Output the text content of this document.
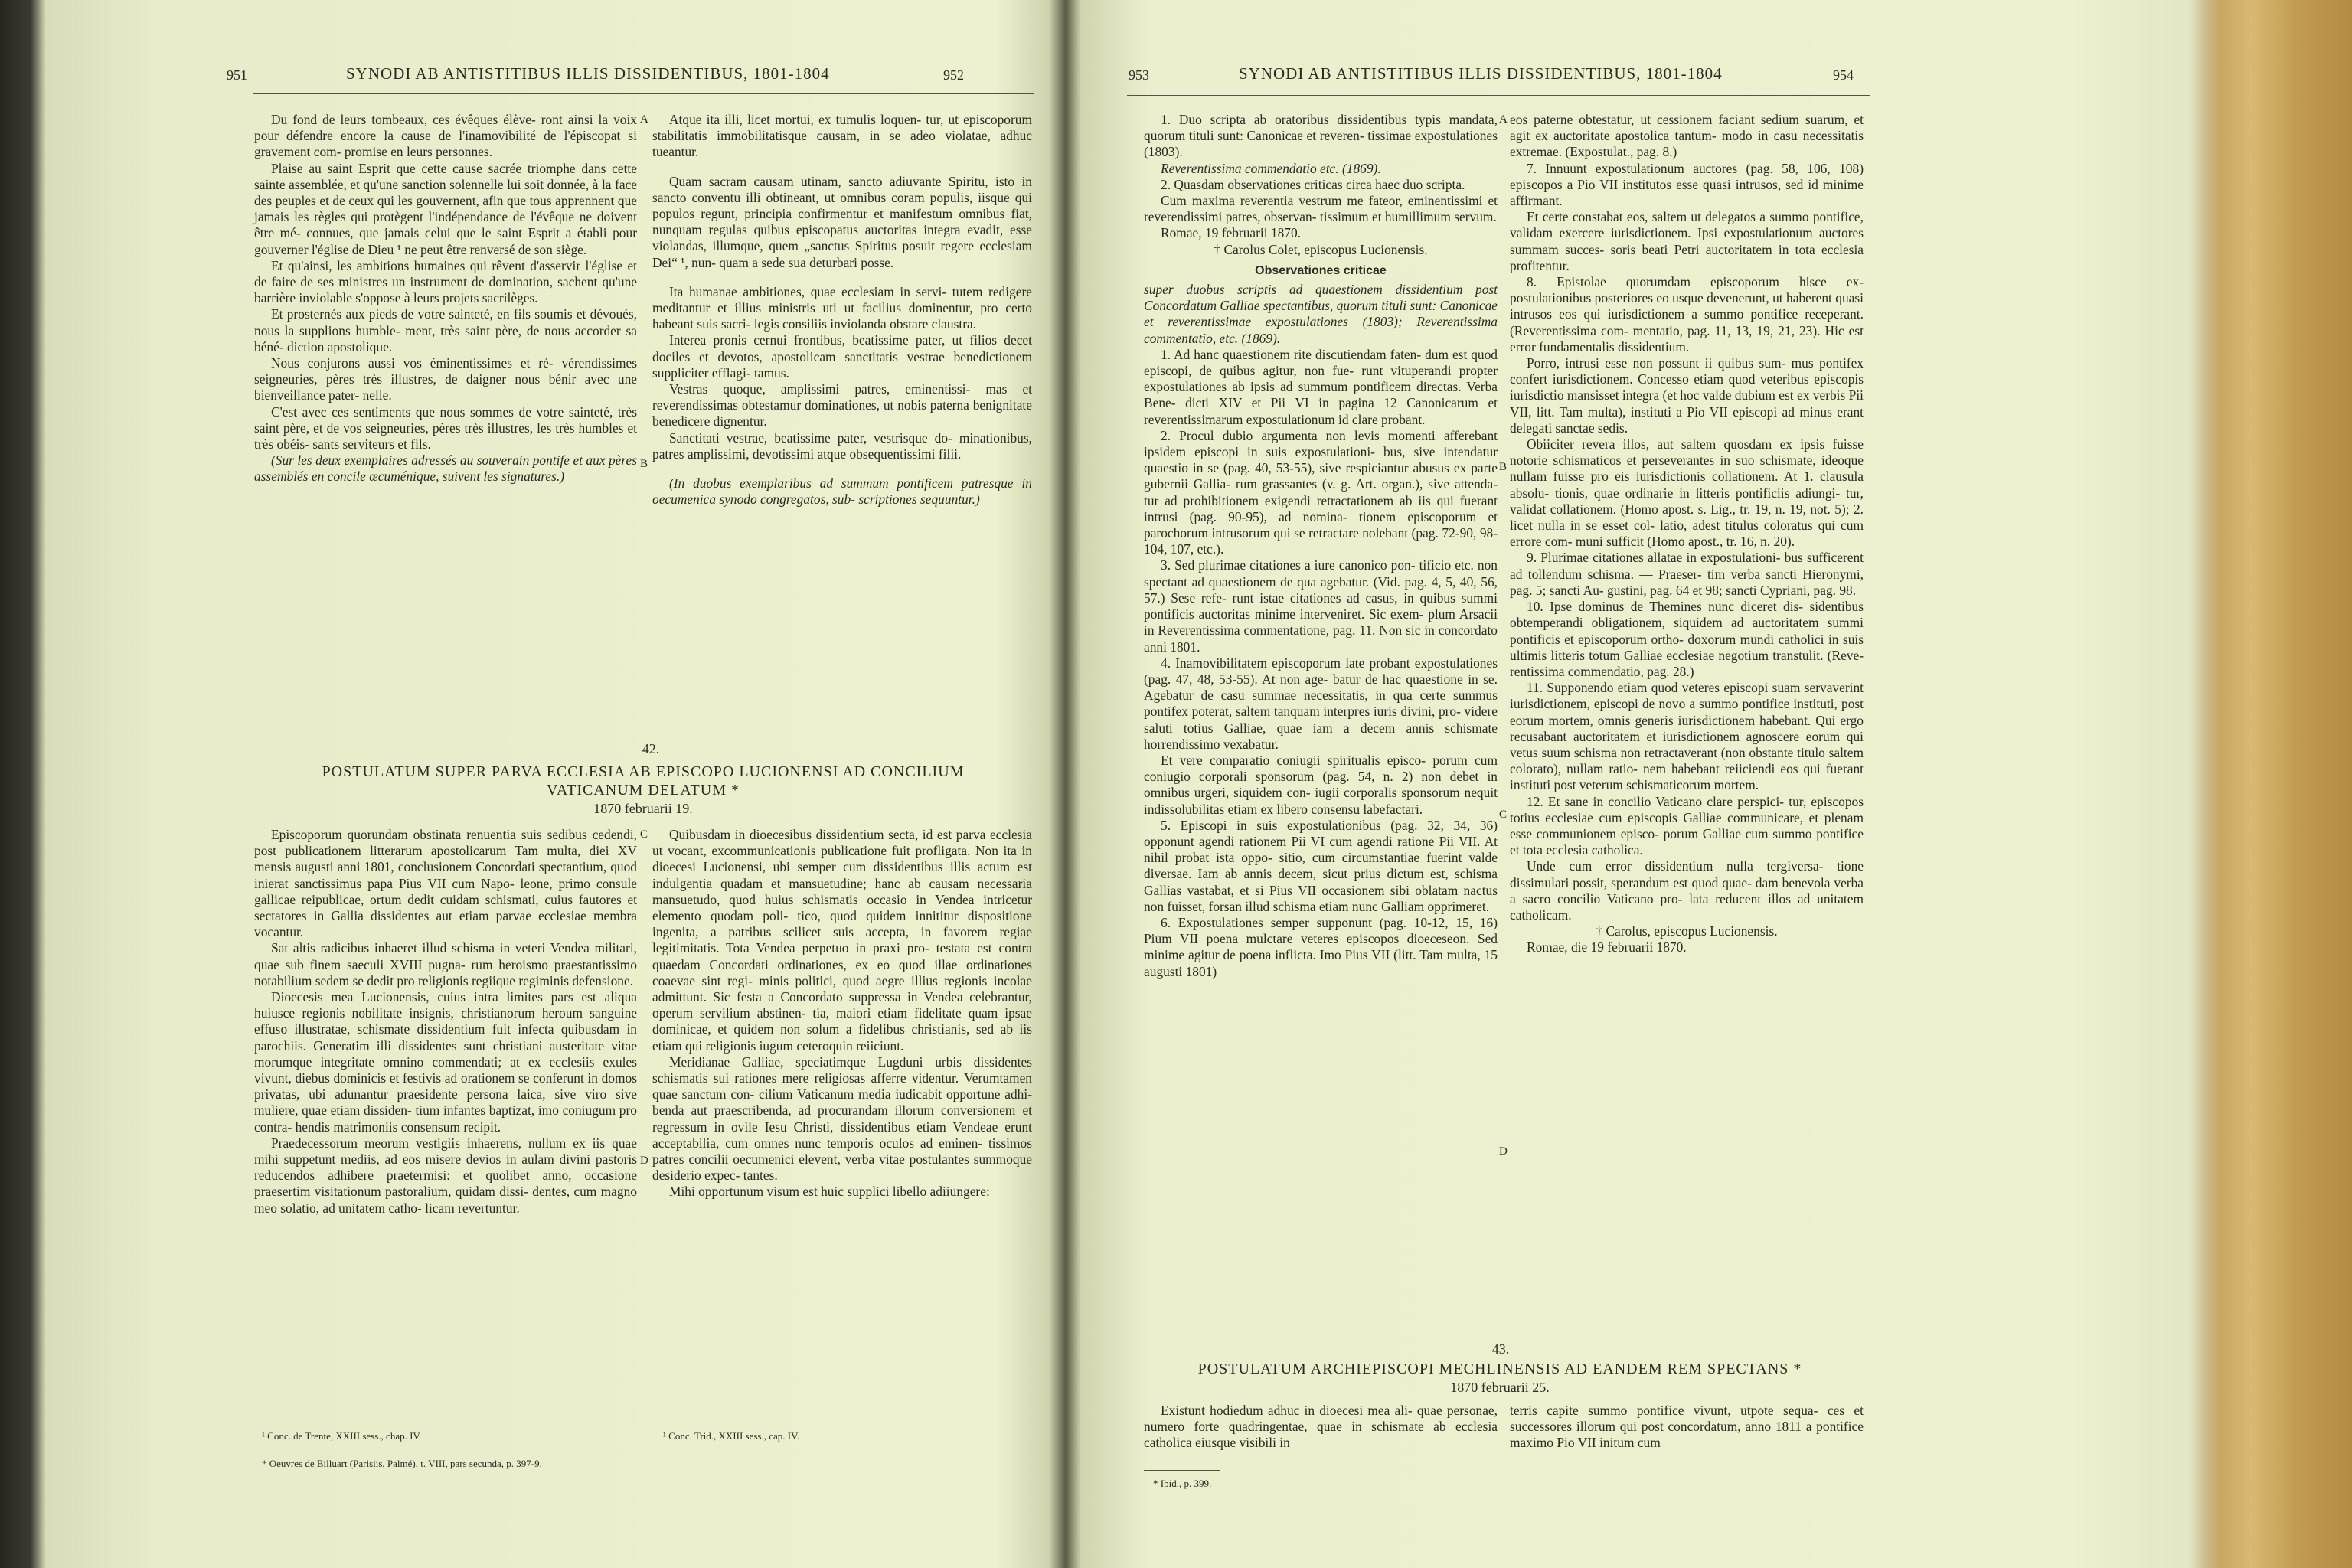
951	SYNODI AB ANTISTITIBUS ILLIS DISSIDENTIBUS, 1801-1804	952

Du fond de leurs tombeaux, ces évêques élève- ront ainsi la voix pour défendre encore la cause de l'inamovibilité de l'épiscopat si gravement com- promise en leurs personnes.

Plaise au saint Esprit que cette cause sacrée triomphe dans cette sainte assemblée, et qu'une sanction solennelle lui soit donnée, à la face des peuples et de ceux qui les gouvernent, afin que tous apprennent que jamais les règles qui protègent l'indépendance de l'évêque ne doivent être mé- connues, que jamais celui que le saint Esprit a établi pour gouverner l'église de Dieu ¹ ne peut être renversé de son siège.

Et qu'ainsi, les ambitions humaines qui rêvent d'asservir l'église et de faire de ses ministres un instrument de domination, sachent qu'une barrière inviolable s'oppose à leurs projets sacrilèges.

Et prosternés aux pieds de votre sainteté, en fils soumis et dévoués, nous la supplions humble- ment, très saint père, de nous accorder sa béné- diction apostolique.

Nous conjurons aussi vos éminentissimes et ré- vérendissimes seigneuries, pères très illustres, de daigner nous bénir avec une bienveillance pater- nelle.

C'est avec ces sentiments que nous sommes de votre sainteté, très saint père, et de vos seigneuries, pères très illustres, les très humbles et très obéis- sants serviteurs et fils.

(Sur les deux exemplaires adressés au souverain pontife et aux pères assemblés en concile œcuménique, suivent les signatures.)

Atque ita illi, licet mortui, ex tumulis loquen- tur, ut episcoporum stabilitatis immobilitatisque causam, in se adeo violatae, adhuc tueantur.

Quam sacram causam utinam, sancto adiuvante Spiritu, isto in sancto conventu illi obtineant, ut omnibus coram populis, iisque qui populos regunt, principia confirmentur et manifestum omnibus fiat, nunquam regulas quibus episcopatus auctoritas integra evadit, esse violandas, illumque, quem „sanctus Spiritus posuit regere ecclesiam Dei“ ¹, nun- quam a sede sua deturbari posse.

Ita humanae ambitiones, quae ecclesiam in servi- tutem redigere meditantur et illius ministris uti ut facilius dominentur, pro certo habeant suis sacri- legis consiliis inviolanda obstare claustra.

Interea pronis cernui frontibus, beatissime pater, ut filios decet dociles et devotos, apostolicam sanctitatis vestrae benedictionem suppliciter efflagi- tamus.

Vestras quoque, amplissimi patres, eminentissi- mas et reverendissimas obtestamur dominationes, ut nobis paterna benignitate benedicere dignentur.

Sanctitati vestrae, beatissime pater, vestrisque do- minationibus, patres amplissimi, devotissimi atque obsequentissimi filii.

(In duobus exemplaribus ad summum pontificem patresque in oecumenica synodo congregatos, sub- scriptiones sequuntur.)

42.
POSTULATUM SUPER PARVA ECCLESIA AB EPISCOPO LUCIONENSI AD CONCILIUM
VATICANUM DELATUM *
1870 februarii 19.

Episcoporum quorundam obstinata renuentia suis sedibus cedendi, post publicationem litterarum apostolicarum Tam multa, diei XV mensis augusti anni 1801, conclusionem Concordati spectantium, quod inierat sanctissimus papa Pius VII cum Napo- leone, primo consule gallicae reipublicae, ortum dedit cuidam schismati, cuius fautores et sectatores in Gallia dissidentes aut etiam parvae ecclesiae membra vocantur.

Sat altis radicibus inhaeret illud schisma in veteri Vendea militari, quae sub finem saeculi XVIII pugna- rum heroismo praestantissimo notabilium sedem se dedit pro religionis regiique regiminis defensione.

Dioecesis mea Lucionensis, cuius intra limites pars est aliqua huiusce regionis nobilitate insignis, christianorum heroum sanguine effuso illustratae, schismate dissidentium fuit infecta quibusdam in parochiis. Generatim illi dissidentes sunt christiani austeritate vitae morumque integritate omnino commendati; at ex ecclesiis exules vivunt, diebus dominicis et festivis ad orationem se conferunt in domos privatas, ubi adunantur praesidente persona laica, sive viro sive muliere, quae etiam dissiden- tium infantes baptizat, imo coniugum pro contra- hendis matrimoniis consensum recipit.

Praedecessorum meorum vestigiis inhaerens, nullum ex iis quae mihi suppetunt mediis, ad eos misere devios in aulam divini pastoris reducendos adhibere praetermisi: et quolibet anno, occasione praesertim visitationum pastoralium, quidam dissi- dentes, cum magno meo solatio, ad unitatem catho- licam revertuntur.

Quibusdam in dioecesibus dissidentium secta, id est parva ecclesia ut vocant, excommunicationis publicatione fuit profligata. Non ita in dioecesi Lucionensi, ubi semper cum dissidentibus illis actum est indulgentia quadam et mansuetudine; hanc ab causam necessaria mansuetudo, quod huius schismatis occasio in Vendea intricetur elemento quodam poli- tico, quod quidem innititur dispositione ingenita, a patribus scilicet suis accepta, in favorem regiae legitimitatis. Tota Vendea perpetuo in praxi pro- testata est contra quaedam Concordati ordinationes, ex eo quod illae ordinationes coaevae sint regi- minis politici, quod aegre illius regionis incolae admittunt. Sic festa a Concordato suppressa in Vendea celebrantur, operum servilium abstinen- tia, maiori etiam fidelitate quam ipsae dominicae, et quidem non solum a fidelibus christianis, sed ab iis etiam qui religionis iugum ceteroquin reiiciunt.

Meridianae Galliae, speciatimque Lugduni urbis dissidentes schismatis sui rationes mere religiosas afferre videntur. Verumtamen quae sanctum con- cilium Vaticanum media iudicabit opportune adhi- benda aut praescribenda, ad procurandam illorum conversionem et regressum in ovile Iesu Christi, dissidentibus etiam Vendeae erunt acceptabilia, cum omnes nunc temporis oculos ad eminen- tissimos patres concilii oecumenici elevent, verba vitae postulantes summoque desiderio expec- tantes.

Mihi opportunum visum est huic supplici libello adiiungere:

A
B
C
D
¹ Conc. de Trente, XXIII sess., chap. IV.	¹ Conc. Trid., XXIII sess., cap. IV.
* Oeuvres de Billuart (Parisiis, Palmé), t. VIII, pars secunda, p. 397-9.
953	SYNODI AB ANTISTITIBUS ILLIS DISSIDENTIBUS, 1801-1804	954

1. Duo scripta ab oratoribus dissidentibus typis mandata, quorum tituli sunt: Canonicae et reveren- tissimae expostulationes (1803).

Reverentissima commendatio etc. (1869).

2. Quasdam observationes criticas circa haec duo scripta.

Cum maxima reverentia vestrum me fateor, eminentissimi et reverendissimi patres, observan- tissimum et humillimum servum.

Romae, 19 februarii 1870.

† Carolus Colet, episcopus Lucionensis.

Observationes criticae

super duobus scriptis ad quaestionem dissidentium post Concordatum Galliae spectantibus, quorum tituli sunt: Canonicae et reverentissimae expostulationes (1803); Reverentissima commentatio, etc. (1869).

1. Ad hanc quaestionem rite discutiendam faten- dum est quod episcopi, de quibus agitur, non fue- runt vituperandi propter expostulationes ab ipsis ad summum pontificem directas. Verba Bene- dicti XIV et Pii VI in pagina 12 Canonicarum et reverentissimarum expostulationum id clare probant.

2. Procul dubio argumenta non levis momenti afferebant ipsidem episcopi in suis expostulationi- bus, sive intendatur quaestio in se (pag. 40, 53-55), sive respiciantur abusus ex parte gubernii Gallia- rum grassantes (v. g. Art. organ.), sive attenda- tur ad prohibitionem exigendi retractationem ab iis qui fuerant intrusi (pag. 90-95), ad nomina- tionem episcoporum et parochorum intrusorum qui se retractare nolebant (pag. 72-90, 98-104, 107, etc.).

3. Sed plurimae citationes a iure canonico pon- tificio etc. non spectant ad quaestionem de qua agebatur. (Vid. pag. 4, 5, 40, 56, 57.) Sese refe- runt istae citationes ad casus, in quibus summi pontificis auctoritas minime interveniret. Sic exem- plum Arsacii in Reverentissima commentatione, pag. 11. Non sic in concordato anni 1801.

4. Inamovibilitatem episcoporum late probant expostulationes (pag. 47, 48, 53-55). At non age- batur de hac quaestione in se. Agebatur de casu summae necessitatis, in qua certe summus pontifex poterat, saltem tanquam interpres iuris divini, pro- videre saluti totius Galliae, quae iam a decem annis schismate horrendissimo vexabatur.

Et vere comparatio coniugii spiritualis episco- porum cum coniugio corporali sponsorum (pag. 54, n. 2) non debet in omnibus urgeri, siquidem con- iugii corporalis sponsorum nequit indissolubilitas etiam ex libero consensu labefactari.

5. Episcopi in suis expostulationibus (pag. 32, 34, 36) opponunt agendi rationem Pii VI cum agendi ratione Pii VII. At nihil probat ista oppo- sitio, cum circumstantiae fuerint valde diversae. Iam ab annis decem, sicut prius dictum est, schisma Gallias vastabat, et si Pius VII occasionem sibi oblatam nactus non fuisset, forsan illud schisma etiam nunc Galliam opprimeret.

6. Expostulationes semper supponunt (pag. 10-12, 15, 16) Pium VII poena mulctare veteres episcopos dioeceseon. Sed minime agitur de poena inflicta. Imo Pius VII (litt. Tam multa, 15 augusti 1801)

eos paterne obtestatur, ut cessionem faciant sedium suarum, et agit ex auctoritate apostolica tantum- modo in casu necessitatis extremae. (Expostulat., pag. 8.)

7. Innuunt expostulationum auctores (pag. 58, 106, 108) episcopos a Pio VII institutos esse quasi intrusos, sed id minime affirmant.

Et certe constabat eos, saltem ut delegatos a summo pontifice, validam exercere iurisdictionem. Ipsi expostulationum auctores summam succes- soris beati Petri auctoritatem in tota ecclesia profitentur.

8. Epistolae quorumdam episcoporum hisce ex- postulationibus posteriores eo usque devenerunt, ut haberent quasi intrusos eos qui iurisdictionem a summo pontifice receperant. (Reverentissima com- mentatio, pag. 11, 13, 19, 21, 23). Hic est error fundamentalis dissidentium.

Porro, intrusi esse non possunt ii quibus sum- mus pontifex confert iurisdictionem. Concesso etiam quod veteribus episcopis iurisdictio mansisset integra (et hoc valde dubium est ex verbis Pii VII, litt. Tam multa), instituti a Pio VII episcopi ad minus erant delegati sanctae sedis.

Obiiciter revera illos, aut saltem quosdam ex ipsis fuisse notorie schismaticos et perseverantes in suo schismate, ideoque nullam fuisse pro eis iurisdictionis collationem. At 1. clausula absolu- tionis, quae ordinarie in litteris pontificiis adiungi- tur, validat collationem. (Homo apost. s. Lig., tr. 19, n. 19, not. 5); 2. licet nulla in se esset col- latio, adest titulus coloratus qui cum errore com- muni sufficit (Homo apost., tr. 16, n. 20).

9. Plurimae citationes allatae in expostulationi- bus sufficerent ad tollendum schisma. — Praeser- tim verba sancti Hieronymi, pag. 5; sancti Au- gustini, pag. 64 et 98; sancti Cypriani, pag. 98.

10. Ipse dominus de Themines nunc diceret dis- sidentibus obtemperandi obligationem, siquidem ad auctoritatem summi pontificis et episcoporum ortho- doxorum mundi catholici in suis ultimis litteris totum Galliae ecclesiae negotium transtulit. (Reve- rentissima commendatio, pag. 28.)

11. Supponendo etiam quod veteres episcopi suam servaverint iurisdictionem, episcopi de novo a summo pontifice instituti, post eorum mortem, omnis generis iurisdictionem habebant. Qui ergo recusabant auctoritatem et iurisdictionem agnoscere eorum qui vetus suum schisma non retractaverant (non obstante titulo saltem colorato), nullam ratio- nem habebant reiiciendi eos qui fuerant instituti post veterum schismaticorum mortem.

12. Et sane in concilio Vaticano clare perspici- tur, episcopos totius ecclesiae cum episcopis Galliae communicare, et plenam esse communionem episco- porum Galliae cum summo pontifice et tota ecclesia catholica.

Unde cum error dissidentium nulla tergiversa- tione dissimulari possit, sperandum est quod quae- dam benevola verba a sacro concilio Vaticano pro- lata reducent illos ad unitatem catholicam.

† Carolus, episcopus Lucionensis.

Romae, die 19 februarii 1870.

A
B
C
D
43.
POSTULATUM ARCHIEPISCOPI MECHLINENSIS AD EANDEM REM SPECTANS *
1870 februarii 25.

Existunt hodiedum adhuc in dioecesi mea ali- quae personae, numero forte quadringentae, quae in schismate ab ecclesia catholica eiusque visibili in

terris capite summo pontifice vivunt, utpote sequa- ces et successores illorum qui post concordatum, anno 1811 a pontifice maximo Pio VII initum cum

* Ibid., p. 399.
